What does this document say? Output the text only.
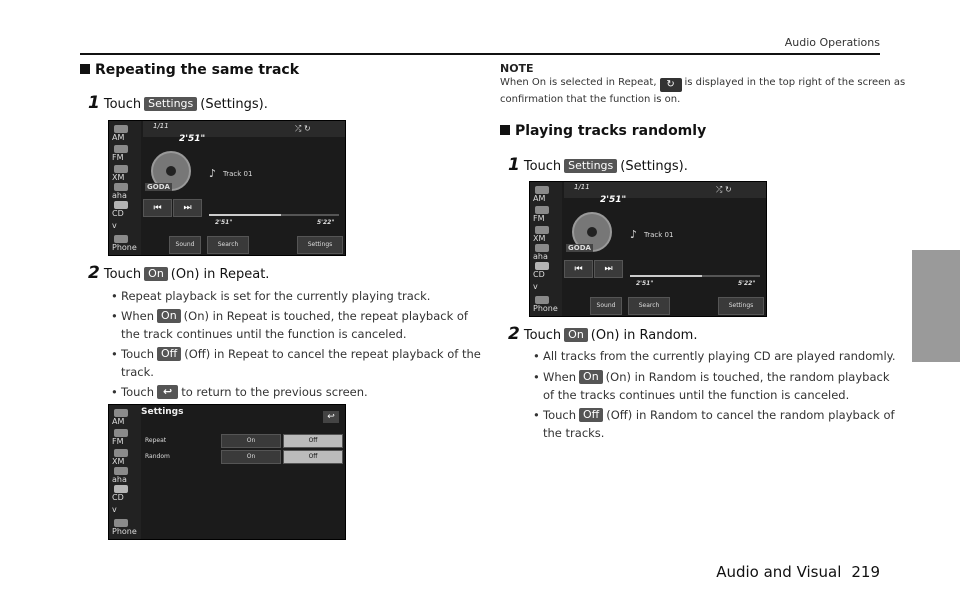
Audio Operations
Repeating the same track
1 Touch Settings (Settings).
AM
FM
XM
aha
CD
v
Phone
1/11
2'51"
⤮ ↻
GODA
⏮	⏭
♪ Track 01
2'51"	5'22"
Sound	Search	Settings
2 Touch On (On) in Repeat.
• Repeat playback is set for the currently playing track.
• When On (On) in Repeat is touched, the repeat playback of
the track continues until the function is canceled.
• Touch Off (Off) in Repeat to cancel the repeat playback of the
track.
• Touch ↩ to return to the previous screen.
AM
FM
XM
aha
CD
v
Phone
Settings	↩
Repeat	On	Off
Random	On	Off
NOTE
When On is selected in Repeat, ↻ is displayed in the top right of the screen as
confirmation that the function is on.
Playing tracks randomly
1 Touch Settings (Settings).
AM
FM
XM
aha
CD
v
Phone
1/11
2'51"
⤮ ↻
GODA
⏮	⏭
♪ Track 01
2'51"	5'22"
Sound	Search	Settings
2 Touch On (On) in Random.
• All tracks from the currently playing CD are played randomly.
• When On (On) in Random is touched, the random playback
of the tracks continues until the function is canceled.
• Touch Off (Off) in Random to cancel the random playback of
the tracks.
Audio and Visual 219
